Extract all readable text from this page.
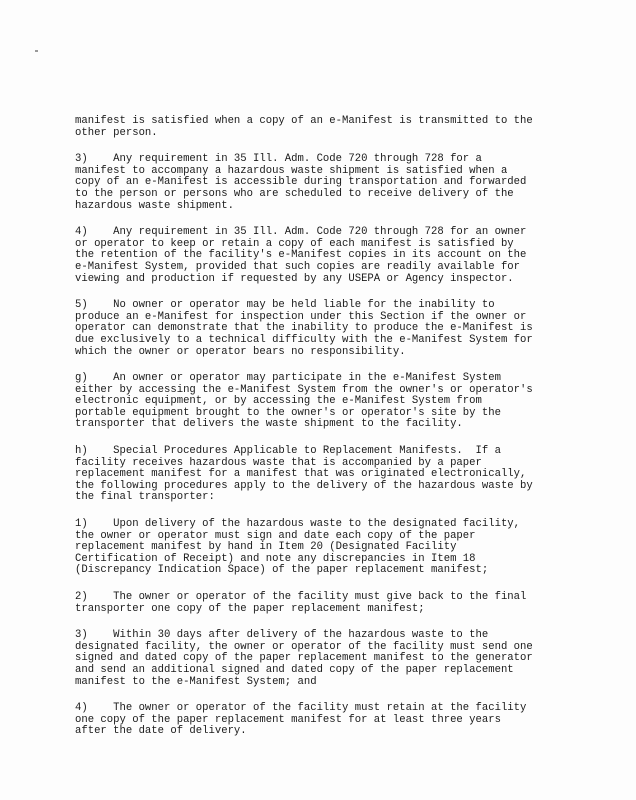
manifest is satisfied when a copy of an e-Manifest is transmitted to the
other person.
3)    Any requirement in 35 Ill. Adm. Code 720 through 728 for a
manifest to accompany a hazardous waste shipment is satisfied when a
copy of an e-Manifest is accessible during transportation and forwarded
to the person or persons who are scheduled to receive delivery of the
hazardous waste shipment.
4)    Any requirement in 35 Ill. Adm. Code 720 through 728 for an owner
or operator to keep or retain a copy of each manifest is satisfied by
the retention of the facility's e-Manifest copies in its account on the
e-Manifest System, provided that such copies are readily available for
viewing and production if requested by any USEPA or Agency inspector.
5)    No owner or operator may be held liable for the inability to
produce an e-Manifest for inspection under this Section if the owner or
operator can demonstrate that the inability to produce the e-Manifest is
due exclusively to a technical difficulty with the e-Manifest System for
which the owner or operator bears no responsibility.
g)    An owner or operator may participate in the e-Manifest System
either by accessing the e-Manifest System from the owner's or operator's
electronic equipment, or by accessing the e-Manifest System from
portable equipment brought to the owner's or operator's site by the
transporter that delivers the waste shipment to the facility.
h)    Special Procedures Applicable to Replacement Manifests.  If a
facility receives hazardous waste that is accompanied by a paper
replacement manifest for a manifest that was originated electronically,
the following procedures apply to the delivery of the hazardous waste by
the final transporter:
1)    Upon delivery of the hazardous waste to the designated facility,
the owner or operator must sign and date each copy of the paper
replacement manifest by hand in Item 20 (Designated Facility
Certification of Receipt) and note any discrepancies in Item 18
(Discrepancy Indication Space) of the paper replacement manifest;
2)    The owner or operator of the facility must give back to the final
transporter one copy of the paper replacement manifest;
3)    Within 30 days after delivery of the hazardous waste to the
designated facility, the owner or operator of the facility must send one
signed and dated copy of the paper replacement manifest to the generator
and send an additional signed and dated copy of the paper replacement
manifest to the e-Manifest System; and
4)    The owner or operator of the facility must retain at the facility
one copy of the paper replacement manifest for at least three years
after the date of delivery.
